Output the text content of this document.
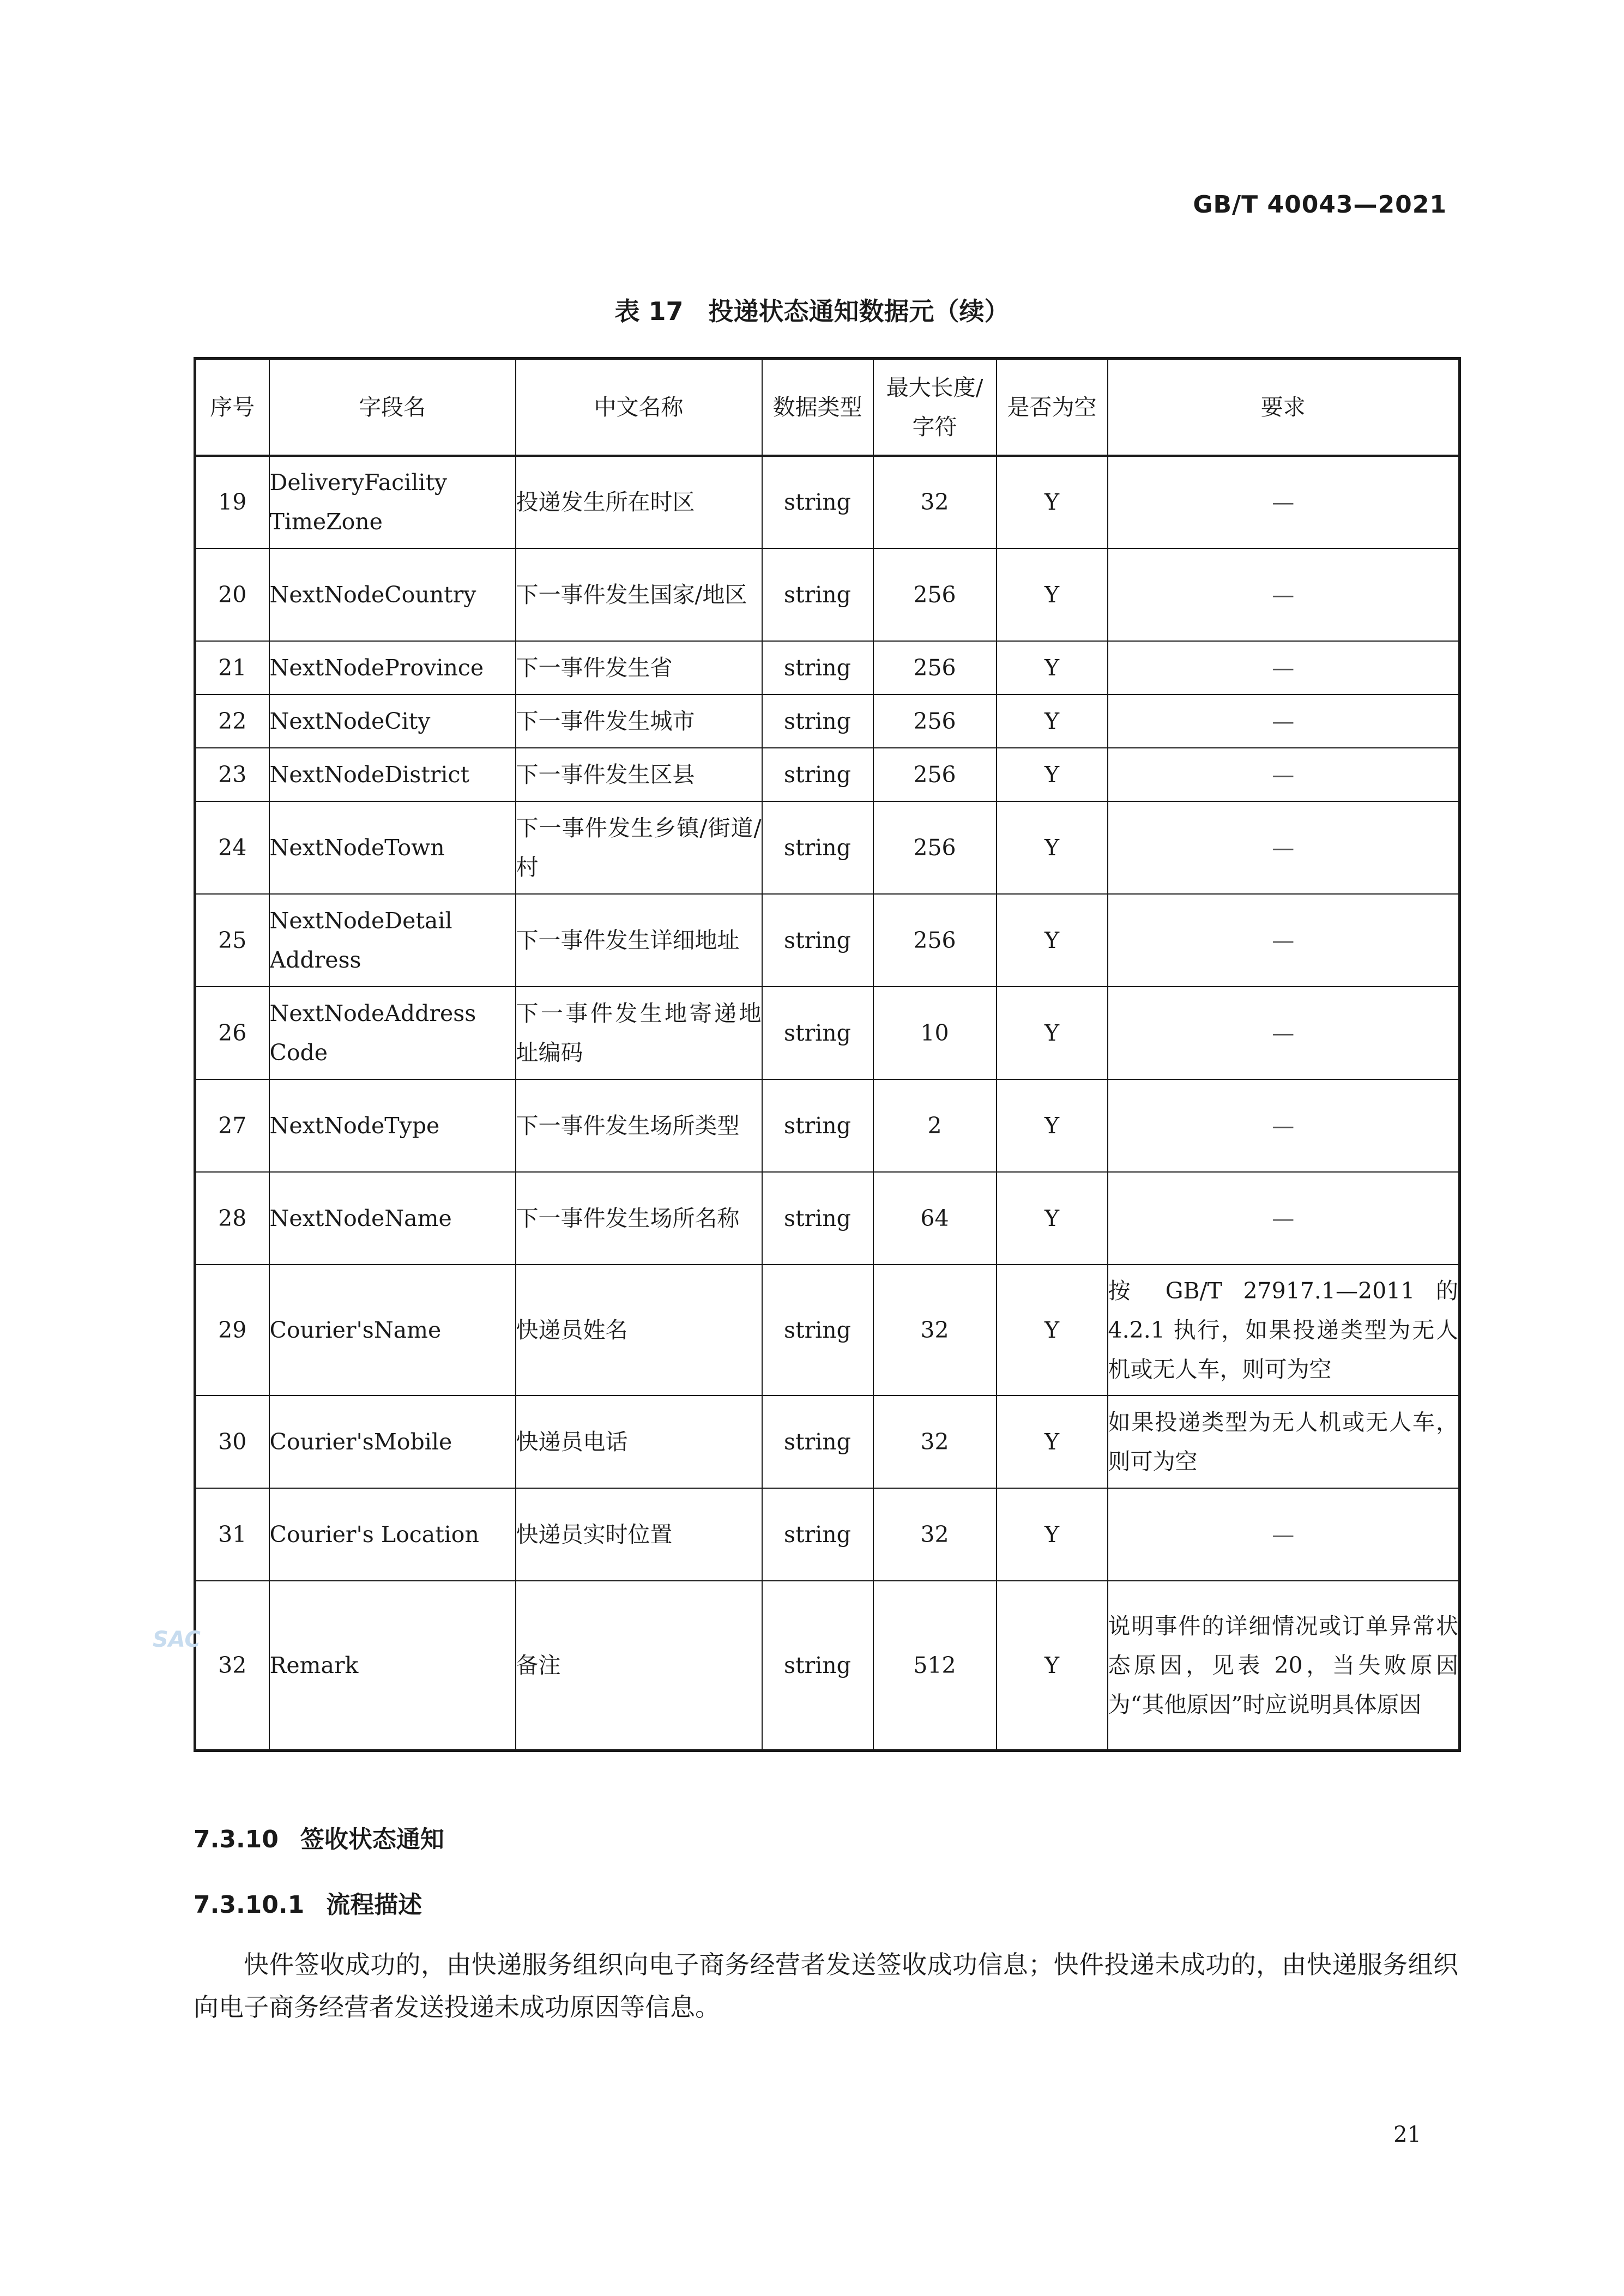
GB/T 40043—2021
表 17　投递状态通知数据元（续）
序号	字段名	中文名称	数据类型	最大长度/字符	是否为空	要求
19	DeliveryFacility TimeZone	投递发生所在时区	string	32	Y	—
20	NextNodeCountry	下一事件发生国家/地区	string	256	Y	—
21	NextNodeProvince	下一事件发生省	string	256	Y	—
22	NextNodeCity	下一事件发生城市	string	256	Y	—
23	NextNodeDistrict	下一事件发生区县	string	256	Y	—
24	NextNodeTown	下一事件发生乡镇/街道/村	string	256	Y	—
25	NextNodeDetail Address	下一事件发生详细地址	string	256	Y	—
26	NextNodeAddress Code	下一事件发生地寄递地址编码	string	10	Y	—
27	NextNodeType	下一事件发生场所类型	string	2	Y	—
28	NextNodeName	下一事件发生场所名称	string	64	Y	—
29	Courier'sName	快递员姓名	string	32	Y	按 GB/T 27917.1—2011 的 4.2.1 执行，如果投递类型为无人机或无人车，则可为空
30	Courier'sMobile	快递员电话	string	32	Y	如果投递类型为无人机或无人车，则可为空
31	Courier's Location	快递员实时位置	string	32	Y	—
32	Remark	备注	string	512	Y	说明事件的详细情况或订单异常状态原因，见表 20，当失败原因为“其他原因”时应说明具体原因
SAC
7.3.10 签收状态通知
7.3.10.1 流程描述
快件签收成功的，由快递服务组织向电子商务经营者发送签收成功信息；快件投递未成功的，由快递服务组织向电子商务经营者发送投递未成功原因等信息。
21
